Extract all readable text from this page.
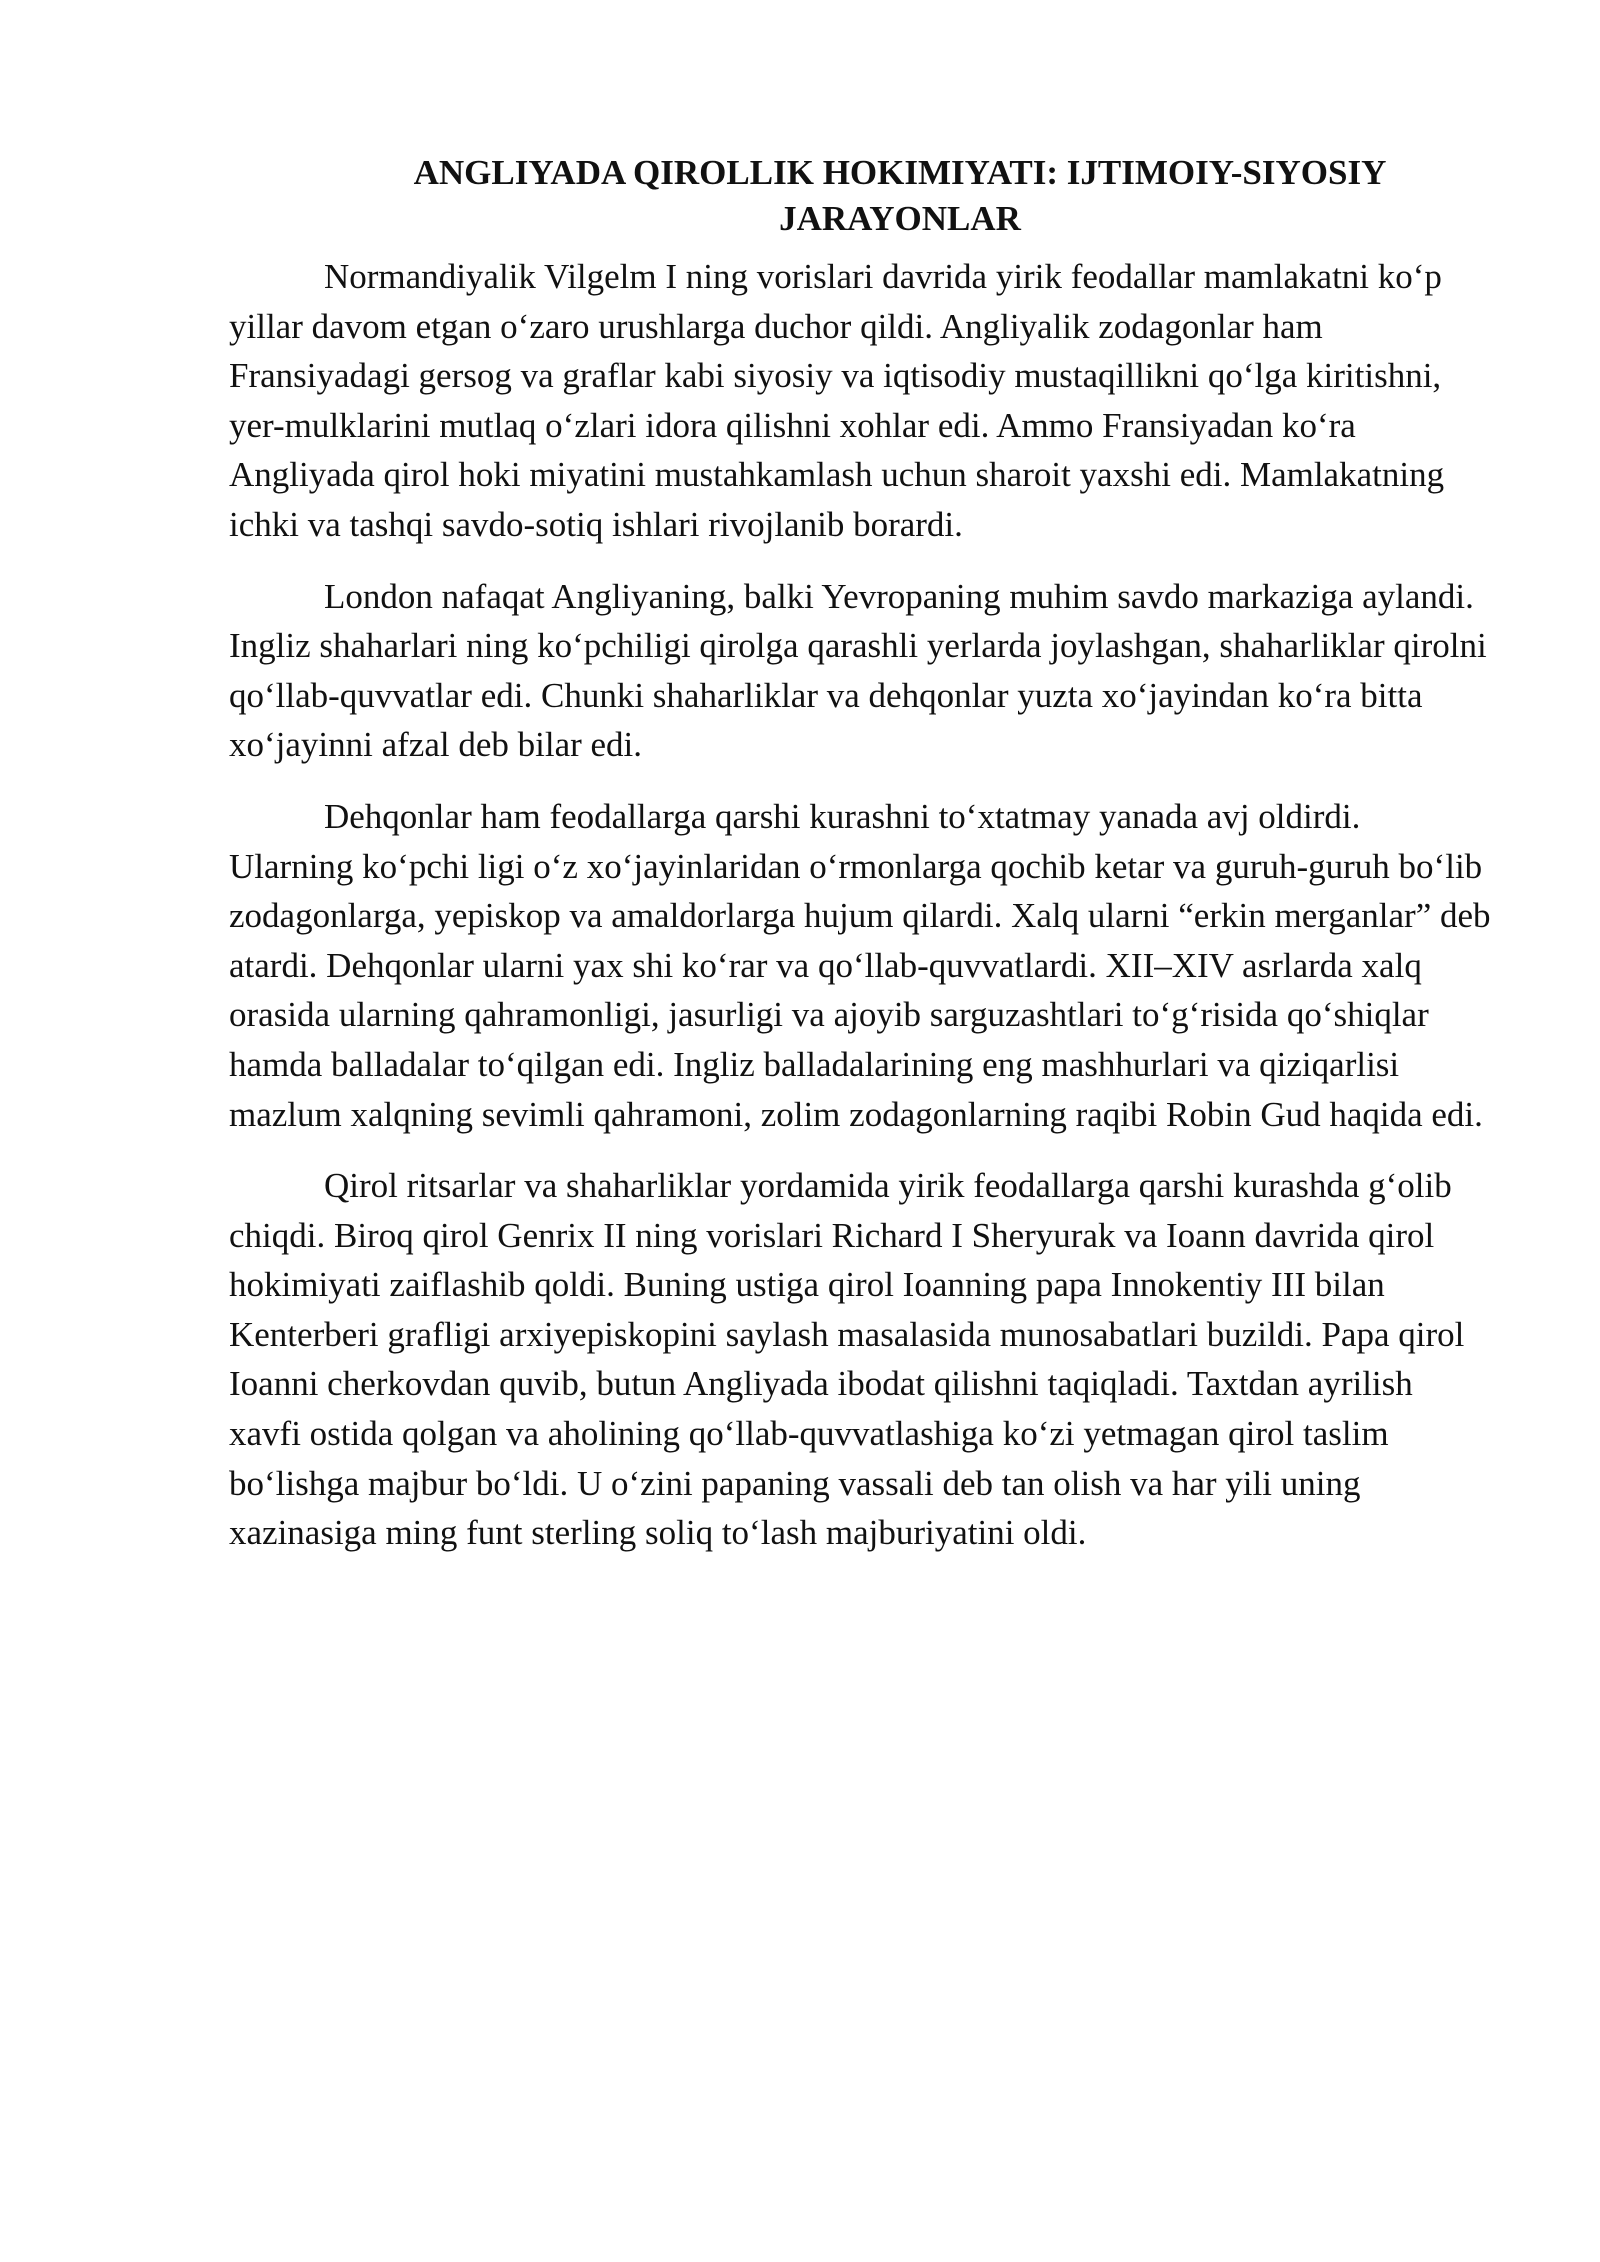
ANGLIYADA QIROLLIK HOKIMIYATI: IJTIMOIY-SIYOSIY
JARAYONLAR

Normandiyalik Vilgelm I ning vorislari davrida yirik feodallar mamlakatni ko‘p yillar davom etgan o‘zaro urushlarga duchor qildi. Angliyalik zodagonlar ham Fransiyadagi gersog va graflar kabi siyosiy va iqtisodiy mustaqillikni qo‘lga kiritishni, yer-mulklarini mutlaq o‘zlari idora qilishni xohlar edi. Ammo Fransiyadan ko‘ra Angliyada qirol hoki miyatini mustahkamlash uchun sharoit yaxshi edi. Mamlakatning ichki va tashqi savdo-sotiq ishlari rivojlanib borardi.

London nafaqat Angliyaning, balki Yevropaning muhim savdo markaziga aylandi. Ingliz shaharlari ning ko‘pchiligi qirolga qarashli yerlarda joylashgan, shaharliklar qirolni qo‘llab-quvvatlar edi. Chunki shaharliklar va dehqonlar yuzta xo‘jayindan ko‘ra bitta xo‘jayinni afzal deb bilar edi.

Dehqonlar ham feodallarga qarshi kurashni to‘xtatmay yanada avj oldirdi. Ularning ko‘pchi ligi o‘z xo‘jayinlaridan o‘rmonlarga qochib ketar va guruh-guruh bo‘lib zodagonlarga, yepiskop va amaldorlarga hujum qilardi. Xalq ularni “erkin merganlar” deb atardi. Dehqonlar ularni yax shi ko‘rar va qo‘llab-quvvatlardi. XII–XIV asrlarda xalq orasida ularning qahramonligi, jasurligi va ajoyib sarguzashtlari to‘g‘risida qo‘shiqlar hamda balladalar to‘qilgan edi. Ingliz balladalarining eng mashhurlari va qiziqarlisi mazlum xalqning sevimli qahramoni, zolim zodagonlarning raqibi Robin Gud haqida edi.

Qirol ritsarlar va shaharliklar yordamida yirik feodallarga qarshi kurashda g‘olib chiqdi. Biroq qirol Genrix II ning vorislari Richard I Sheryurak va Ioann davrida qirol hokimiyati zaiflashib qoldi. Buning ustiga qirol Ioanning papa Innokentiy III bilan Kenterberi grafligi arxiyepiskopini saylash masalasida munosabatlari buzildi. Papa qirol Ioanni cherkovdan quvib, butun Angliyada ibodat qilishni taqiqladi. Taxtdan ayrilish xavfi ostida qolgan va aholining qo‘llab-quvvatlashiga ko‘zi yetmagan qirol taslim bo‘lishga majbur bo‘ldi. U o‘zini papaning vassali deb tan olish va har yili uning xazinasiga ming funt sterling soliq to‘lash majburiyatini oldi.
